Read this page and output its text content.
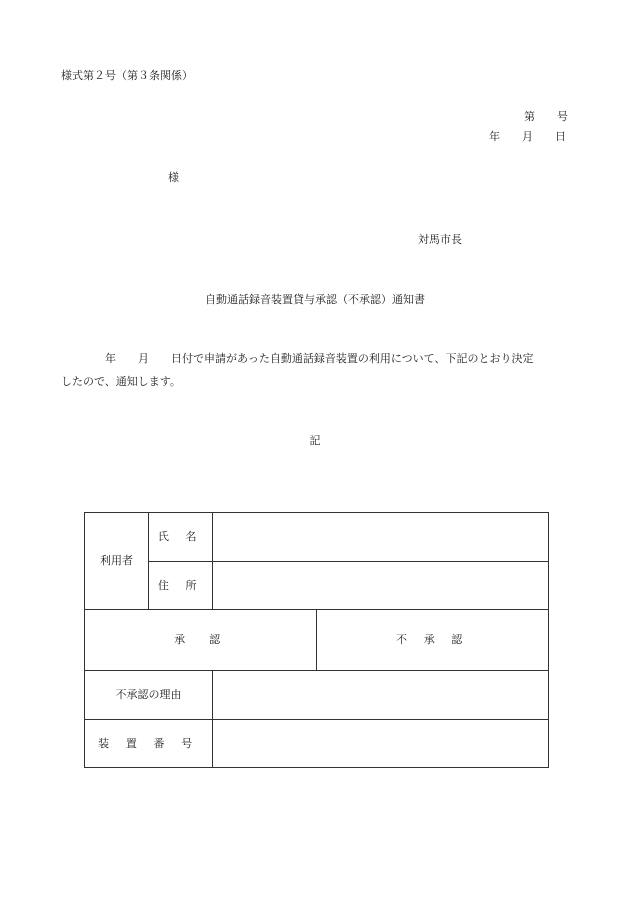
様式第２号（第３条関係）
第　　号
年　　月　　日
様
対馬市長
自動通話録音装置貸与承認（不承認）通知書
　　　　年　　月　　日付で申請があった自動通話録音装置の利用について、下記のとおり決定
したので、通知します。
記
利用者	氏 名		
	住 所		
承　認			不 承 認
不承認の理由			
装 置 番 号			
